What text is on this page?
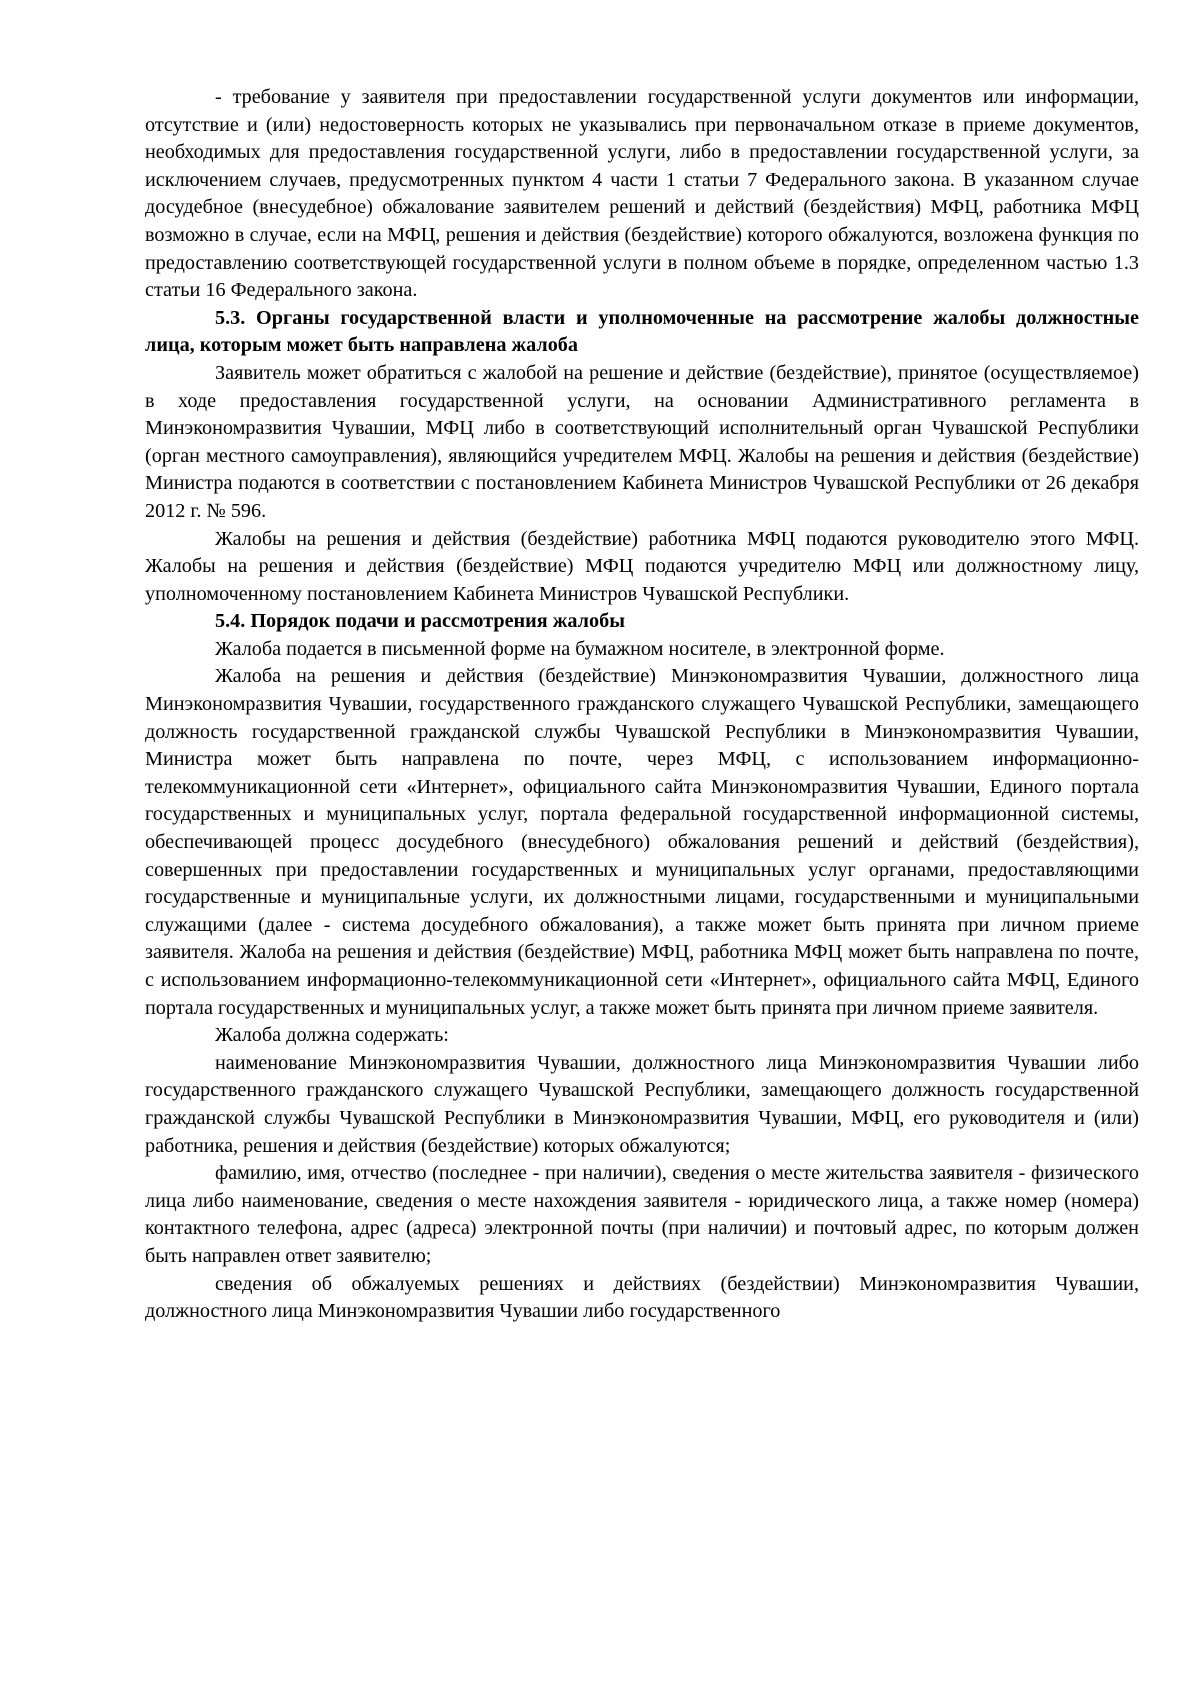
- требование у заявителя при предоставлении государственной услуги документов или информации, отсутствие и (или) недостоверность которых не указывались при первоначальном отказе в приеме документов, необходимых для предоставления государственной услуги, либо в предоставлении государственной услуги, за исключением случаев, предусмотренных пунктом 4 части 1 статьи 7 Федерального закона. В указанном случае досудебное (внесудебное) обжалование заявителем решений и действий (бездействия) МФЦ, работника МФЦ возможно в случае, если на МФЦ, решения и действия (бездействие) которого обжалуются, возложена функция по предоставлению соответствующей государственной услуги в полном объеме в порядке, определенном частью 1.3 статьи 16 Федерального закона.

5.3. Органы государственной власти и уполномоченные на рассмотрение жалобы должностные лица, которым может быть направлена жалоба

Заявитель может обратиться с жалобой на решение и действие (бездействие), принятое (осуществляемое) в ходе предоставления государственной услуги, на основании Административного регламента в Минэкономразвития Чувашии, МФЦ либо в соответствующий исполнительный орган Чувашской Республики (орган местного самоуправления), являющийся учредителем МФЦ. Жалобы на решения и действия (бездействие) Министра подаются в соответствии с постановлением Кабинета Министров Чувашской Республики от 26 декабря 2012 г. № 596.

Жалобы на решения и действия (бездействие) работника МФЦ подаются руководителю этого МФЦ. Жалобы на решения и действия (бездействие) МФЦ подаются учредителю МФЦ или должностному лицу, уполномоченному постановлением Кабинета Министров Чувашской Республики.

5.4. Порядок подачи и рассмотрения жалобы

Жалоба подается в письменной форме на бумажном носителе, в электронной форме.

Жалоба на решения и действия (бездействие) Минэкономразвития Чувашии, должностного лица Минэкономразвития Чувашии, государственного гражданского служащего Чувашской Республики, замещающего должность государственной гражданской службы Чувашской Республики в Минэкономразвития Чувашии, Министра может быть направлена по почте, через МФЦ, с использованием информационно-телекоммуникационной сети «Интернет», официального сайта Минэкономразвития Чувашии, Единого портала государственных и муниципальных услуг, портала федеральной государственной информационной системы, обеспечивающей процесс досудебного (внесудебного) обжалования решений и действий (бездействия), совершенных при предоставлении государственных и муниципальных услуг органами, предоставляющими государственные и муниципальные услуги, их должностными лицами, государственными и муниципальными служащими (далее - система досудебного обжалования), а также может быть принята при личном приеме заявителя. Жалоба на решения и действия (бездействие) МФЦ, работника МФЦ может быть направлена по почте, с использованием информационно-телекоммуникационной сети «Интернет», официального сайта МФЦ, Единого портала государственных и муниципальных услуг, а также может быть принята при личном приеме заявителя.

Жалоба должна содержать:

наименование Минэкономразвития Чувашии, должностного лица Минэкономразвития Чувашии либо государственного гражданского служащего Чувашской Республики, замещающего должность государственной гражданской службы Чувашской Республики в Минэкономразвития Чувашии, МФЦ, его руководителя и (или) работника, решения и действия (бездействие) которых обжалуются;

фамилию, имя, отчество (последнее - при наличии), сведения о месте жительства заявителя - физического лица либо наименование, сведения о месте нахождения заявителя - юридического лица, а также номер (номера) контактного телефона, адрес (адреса) электронной почты (при наличии) и почтовый адрес, по которым должен быть направлен ответ заявителю;

сведения об обжалуемых решениях и действиях (бездействии) Минэкономразвития Чувашии, должностного лица Минэкономразвития Чувашии либо государственного
